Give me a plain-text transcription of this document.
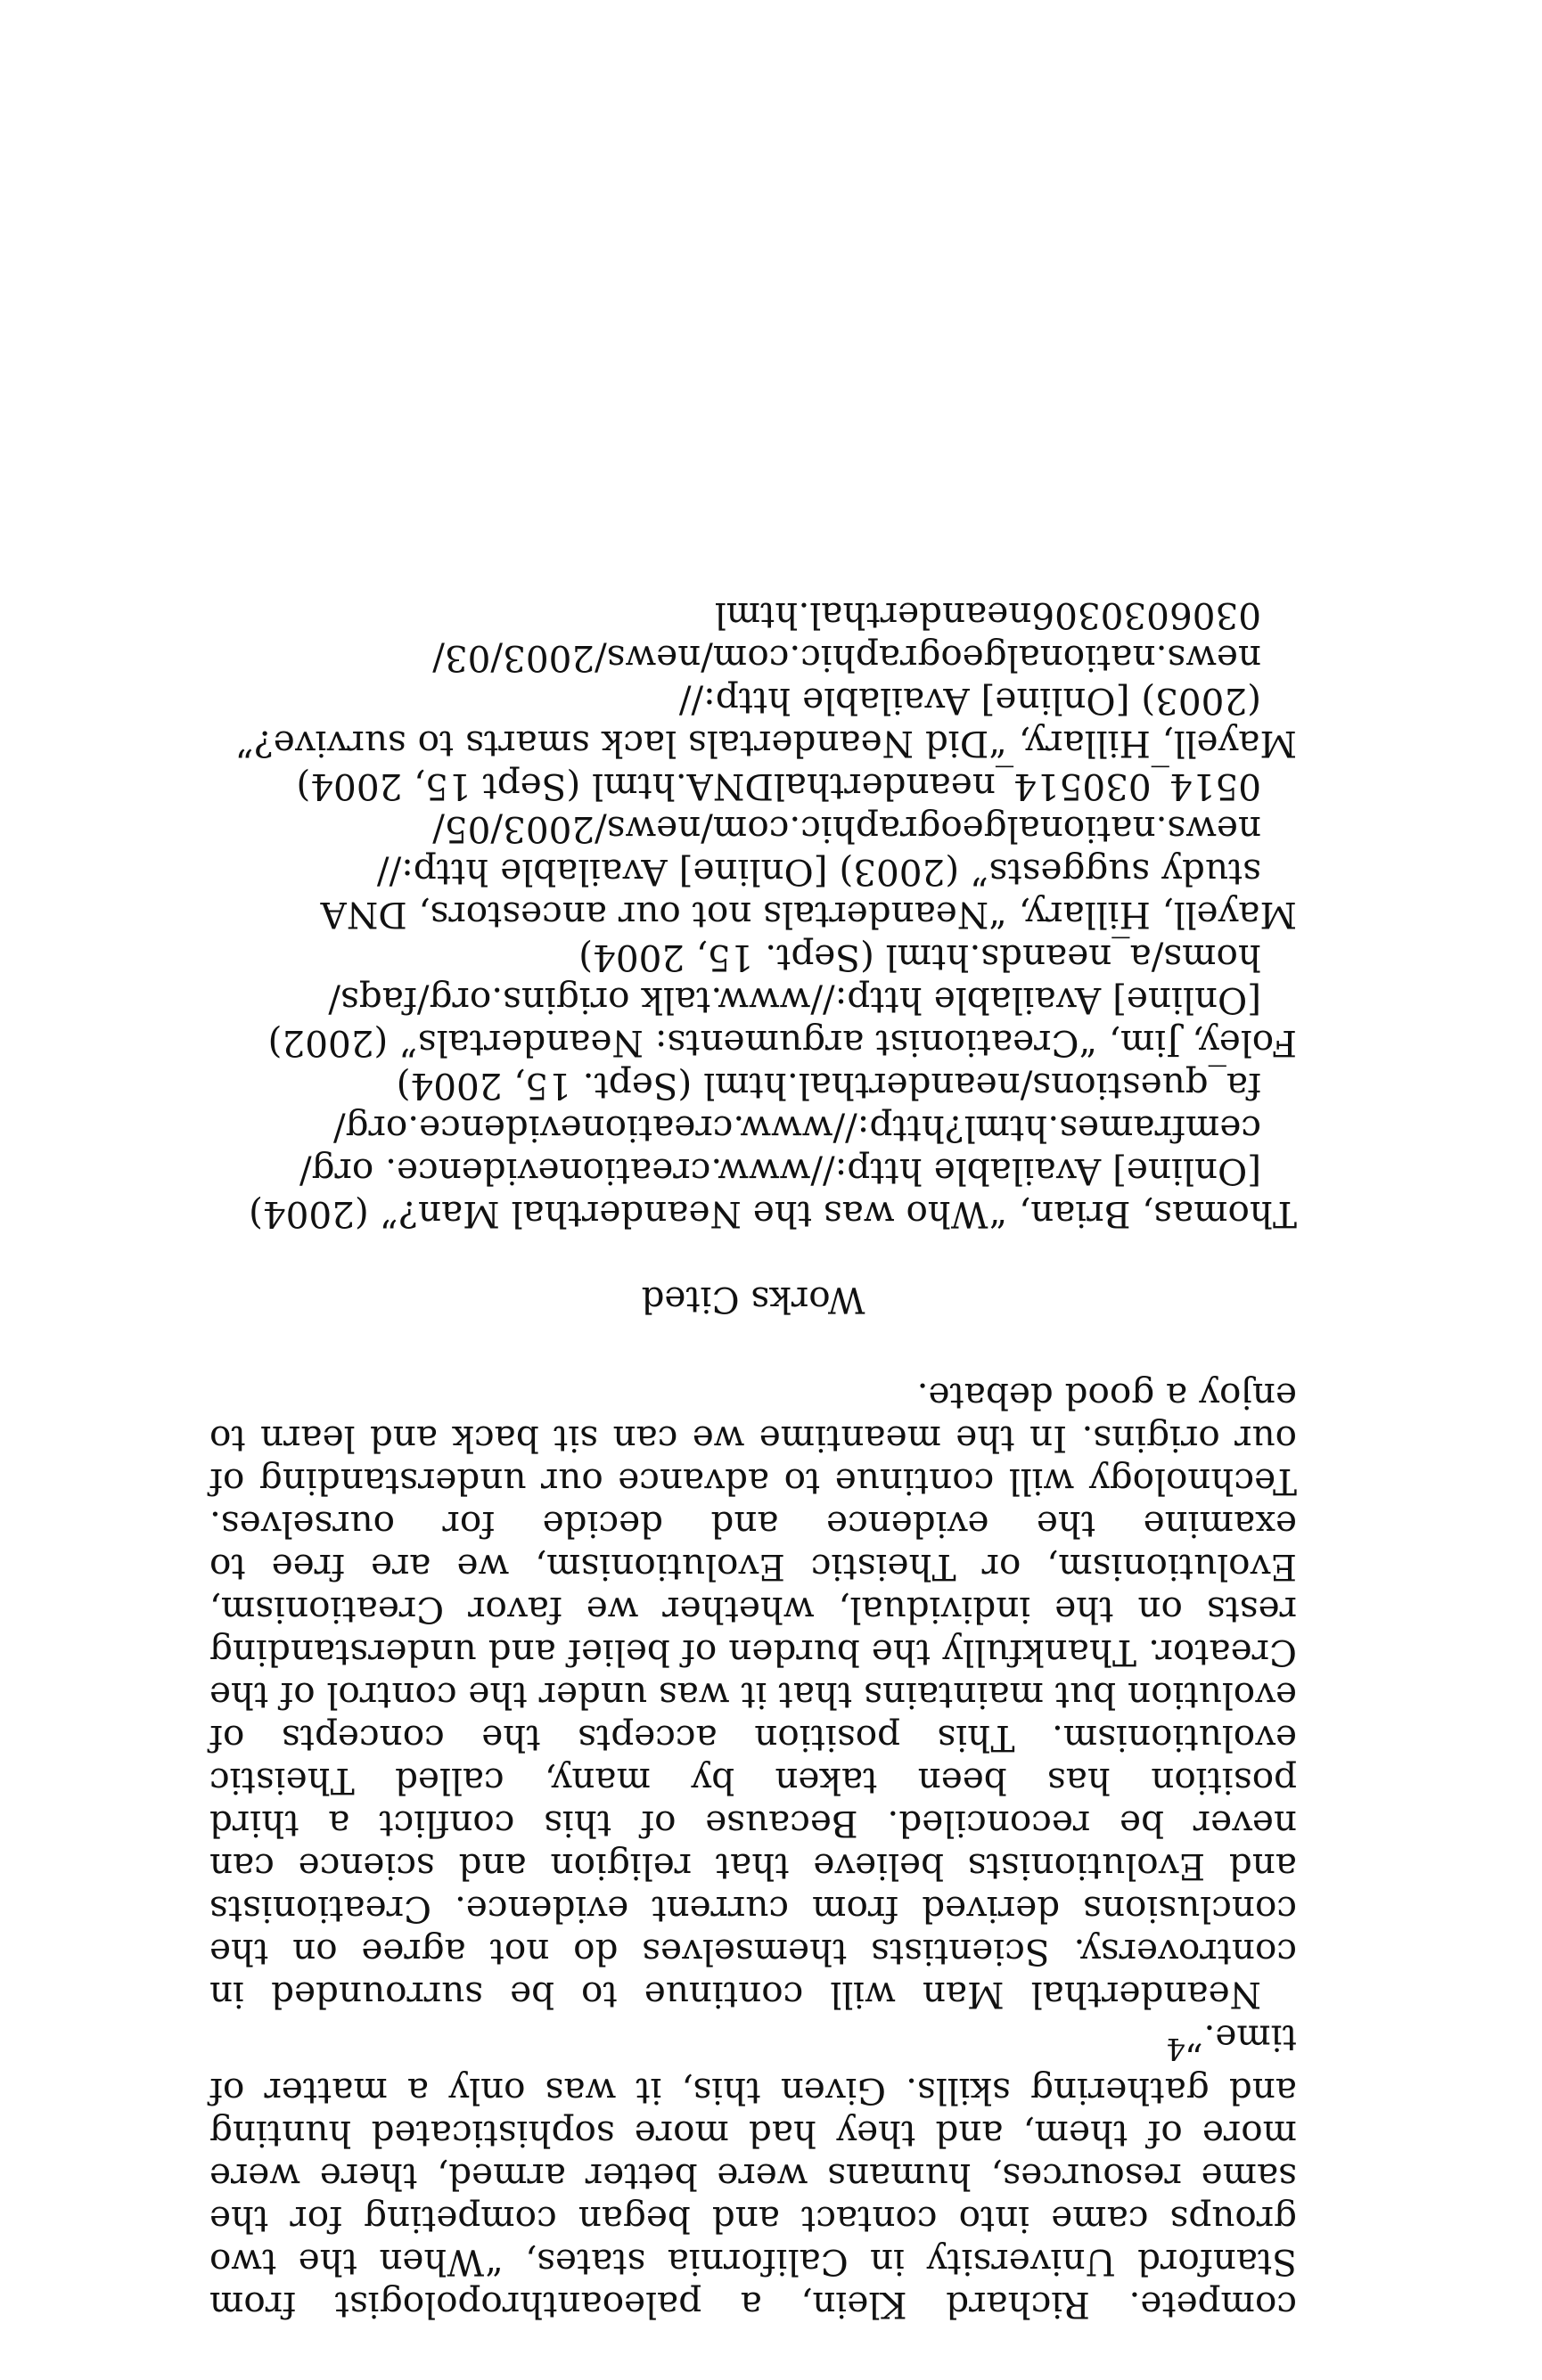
compete. Richard Klein, a paleoanthropologist from Stanford University in California states, “When the two groups came into contact and began competing for the same resources, humans were better armed, there were more of them, and they had more sophisticated hunting and gathering skills. Given this, it was only a matter of time.”$^4$

Neanderthal Man will continue to be surrounded in controversy. Scientists themselves do not agree on the conclusions derived from current evidence. Creationists and Evolutionists believe that religion and science can never be reconciled. Because of this conflict a third position has been taken by many, called Theistic evolutionism. This position accepts the concepts of evolution but maintains that it was under the control of the Creator. Thankfully the burden of belief and understanding rests on the individual, whether we favor Creationism, Evolutionism, or Theistic Evolutionism, we are free to examine the evidence and decide for ourselves. Technology will continue to advance our understanding of our origins. In the meantime we can sit back and learn to enjoy a good debate.

Works Cited

Thomas, Brian, “Who was the Neanderthal Man?” (2004) [Online] Available http://www.creationevidence. org/ cemframes.html?http://www.creationevidence.org/ fa_questions/neanderthal.html (Sept. 15, 2004)
Foley, Jim, “Creationist arguments: Neandertals” (2002) [Online] Available http://www.talk origins.org/faqs/ homs/a_neands.html (Sept. 15, 2004)
Mayell, Hillary, “Neandertals not our ancestors, DNA study suggests” (2003) [Online] Available http:// news.nationalgeographic.com/news/2003/05/ 0514_030514_neanderthalDNA.html (Sept 15, 2004)
Mayell, Hillary, “Did Neandertals lack smarts to survive?” (2003) [Online] Available http:// news.nationalgeographic.com/news/2003/03/ 0306030306neanderthal.html
